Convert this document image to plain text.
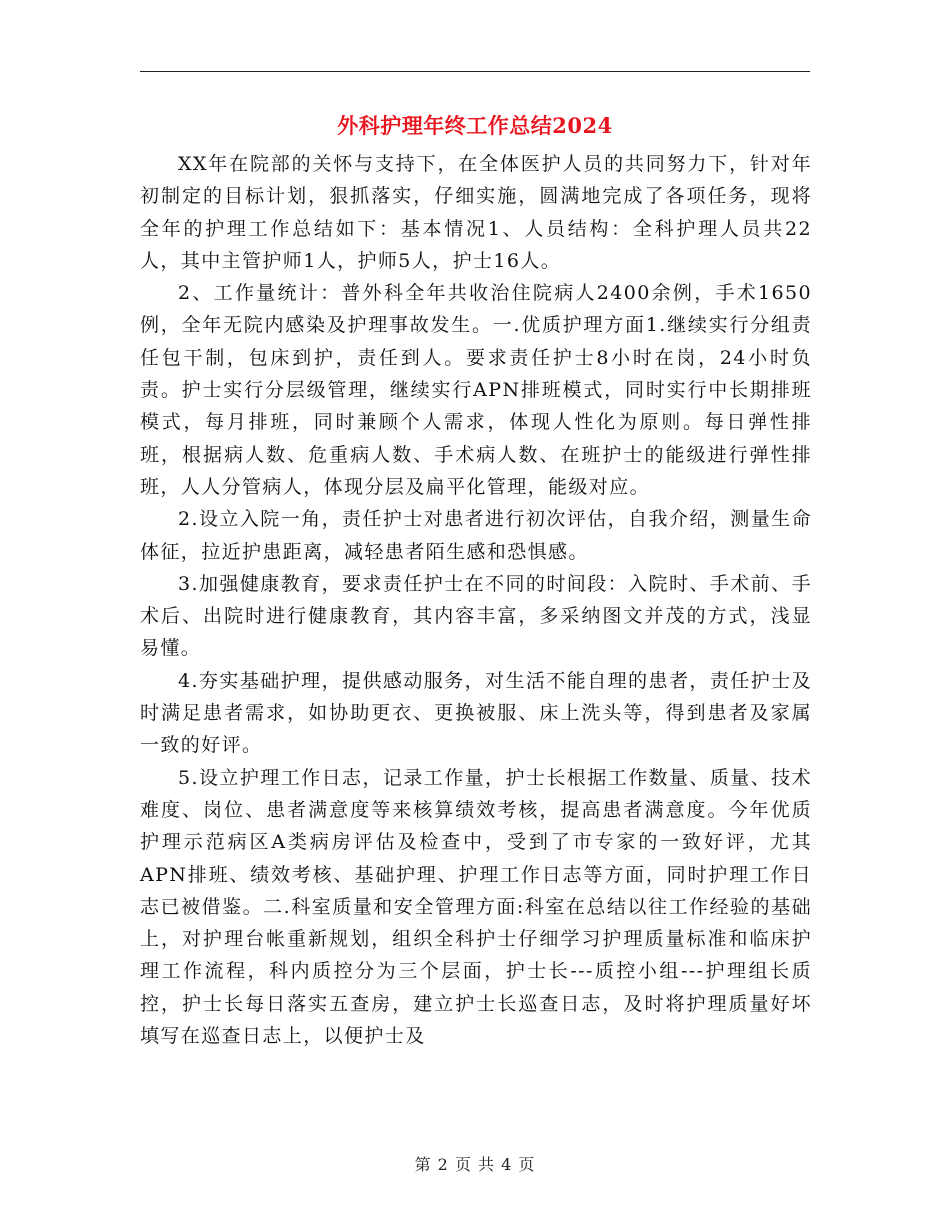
外科护理年终工作总结2024

XX年在院部的关怀与支持下，在全体医护人员的共同努力下，针对年初制定的目标计划，狠抓落实，仔细实施，圆满地完成了各项任务，现将全年的护理工作总结如下：基本情况1、人员结构：全科护理人员共22人，其中主管护师1人，护师5人，护士16人。

2、工作量统计：普外科全年共收治住院病人2400余例，手术1650例，全年无院内感染及护理事故发生。一.优质护理方面1.继续实行分组责任包干制，包床到护，责任到人。要求责任护士8小时在岗，24小时负责。护士实行分层级管理，继续实行APN排班模式，同时实行中长期排班模式，每月排班，同时兼顾个人需求，体现人性化为原则。每日弹性排班，根据病人数、危重病人数、手术病人数、在班护士的能级进行弹性排班，人人分管病人，体现分层及扁平化管理，能级对应。

2.设立入院一角，责任护士对患者进行初次评估，自我介绍，测量生命体征，拉近护患距离，减轻患者陌生感和恐惧感。

3.加强健康教育，要求责任护士在不同的时间段：入院时、手术前、手术后、出院时进行健康教育，其内容丰富，多采纳图文并茂的方式，浅显易懂。

4.夯实基础护理，提供感动服务，对生活不能自理的患者，责任护士及时满足患者需求，如协助更衣、更换被服、床上洗头等，得到患者及家属一致的好评。

5.设立护理工作日志，记录工作量，护士长根据工作数量、质量、技术难度、岗位、患者满意度等来核算绩效考核，提高患者满意度。今年优质护理示范病区A类病房评估及检查中，受到了市专家的一致好评，尤其APN排班、绩效考核、基础护理、护理工作日志等方面，同时护理工作日志已被借鉴。二.科室质量和安全管理方面:科室在总结以往工作经验的基础上，对护理台帐重新规划，组织全科护士仔细学习护理质量标准和临床护理工作流程，科内质控分为三个层面，护士长---质控小组---护理组长质控，护士长每日落实五查房，建立护士长巡查日志，及时将护理质量好坏填写在巡查日志上，以便护士及

第 2 页 共 4 页
